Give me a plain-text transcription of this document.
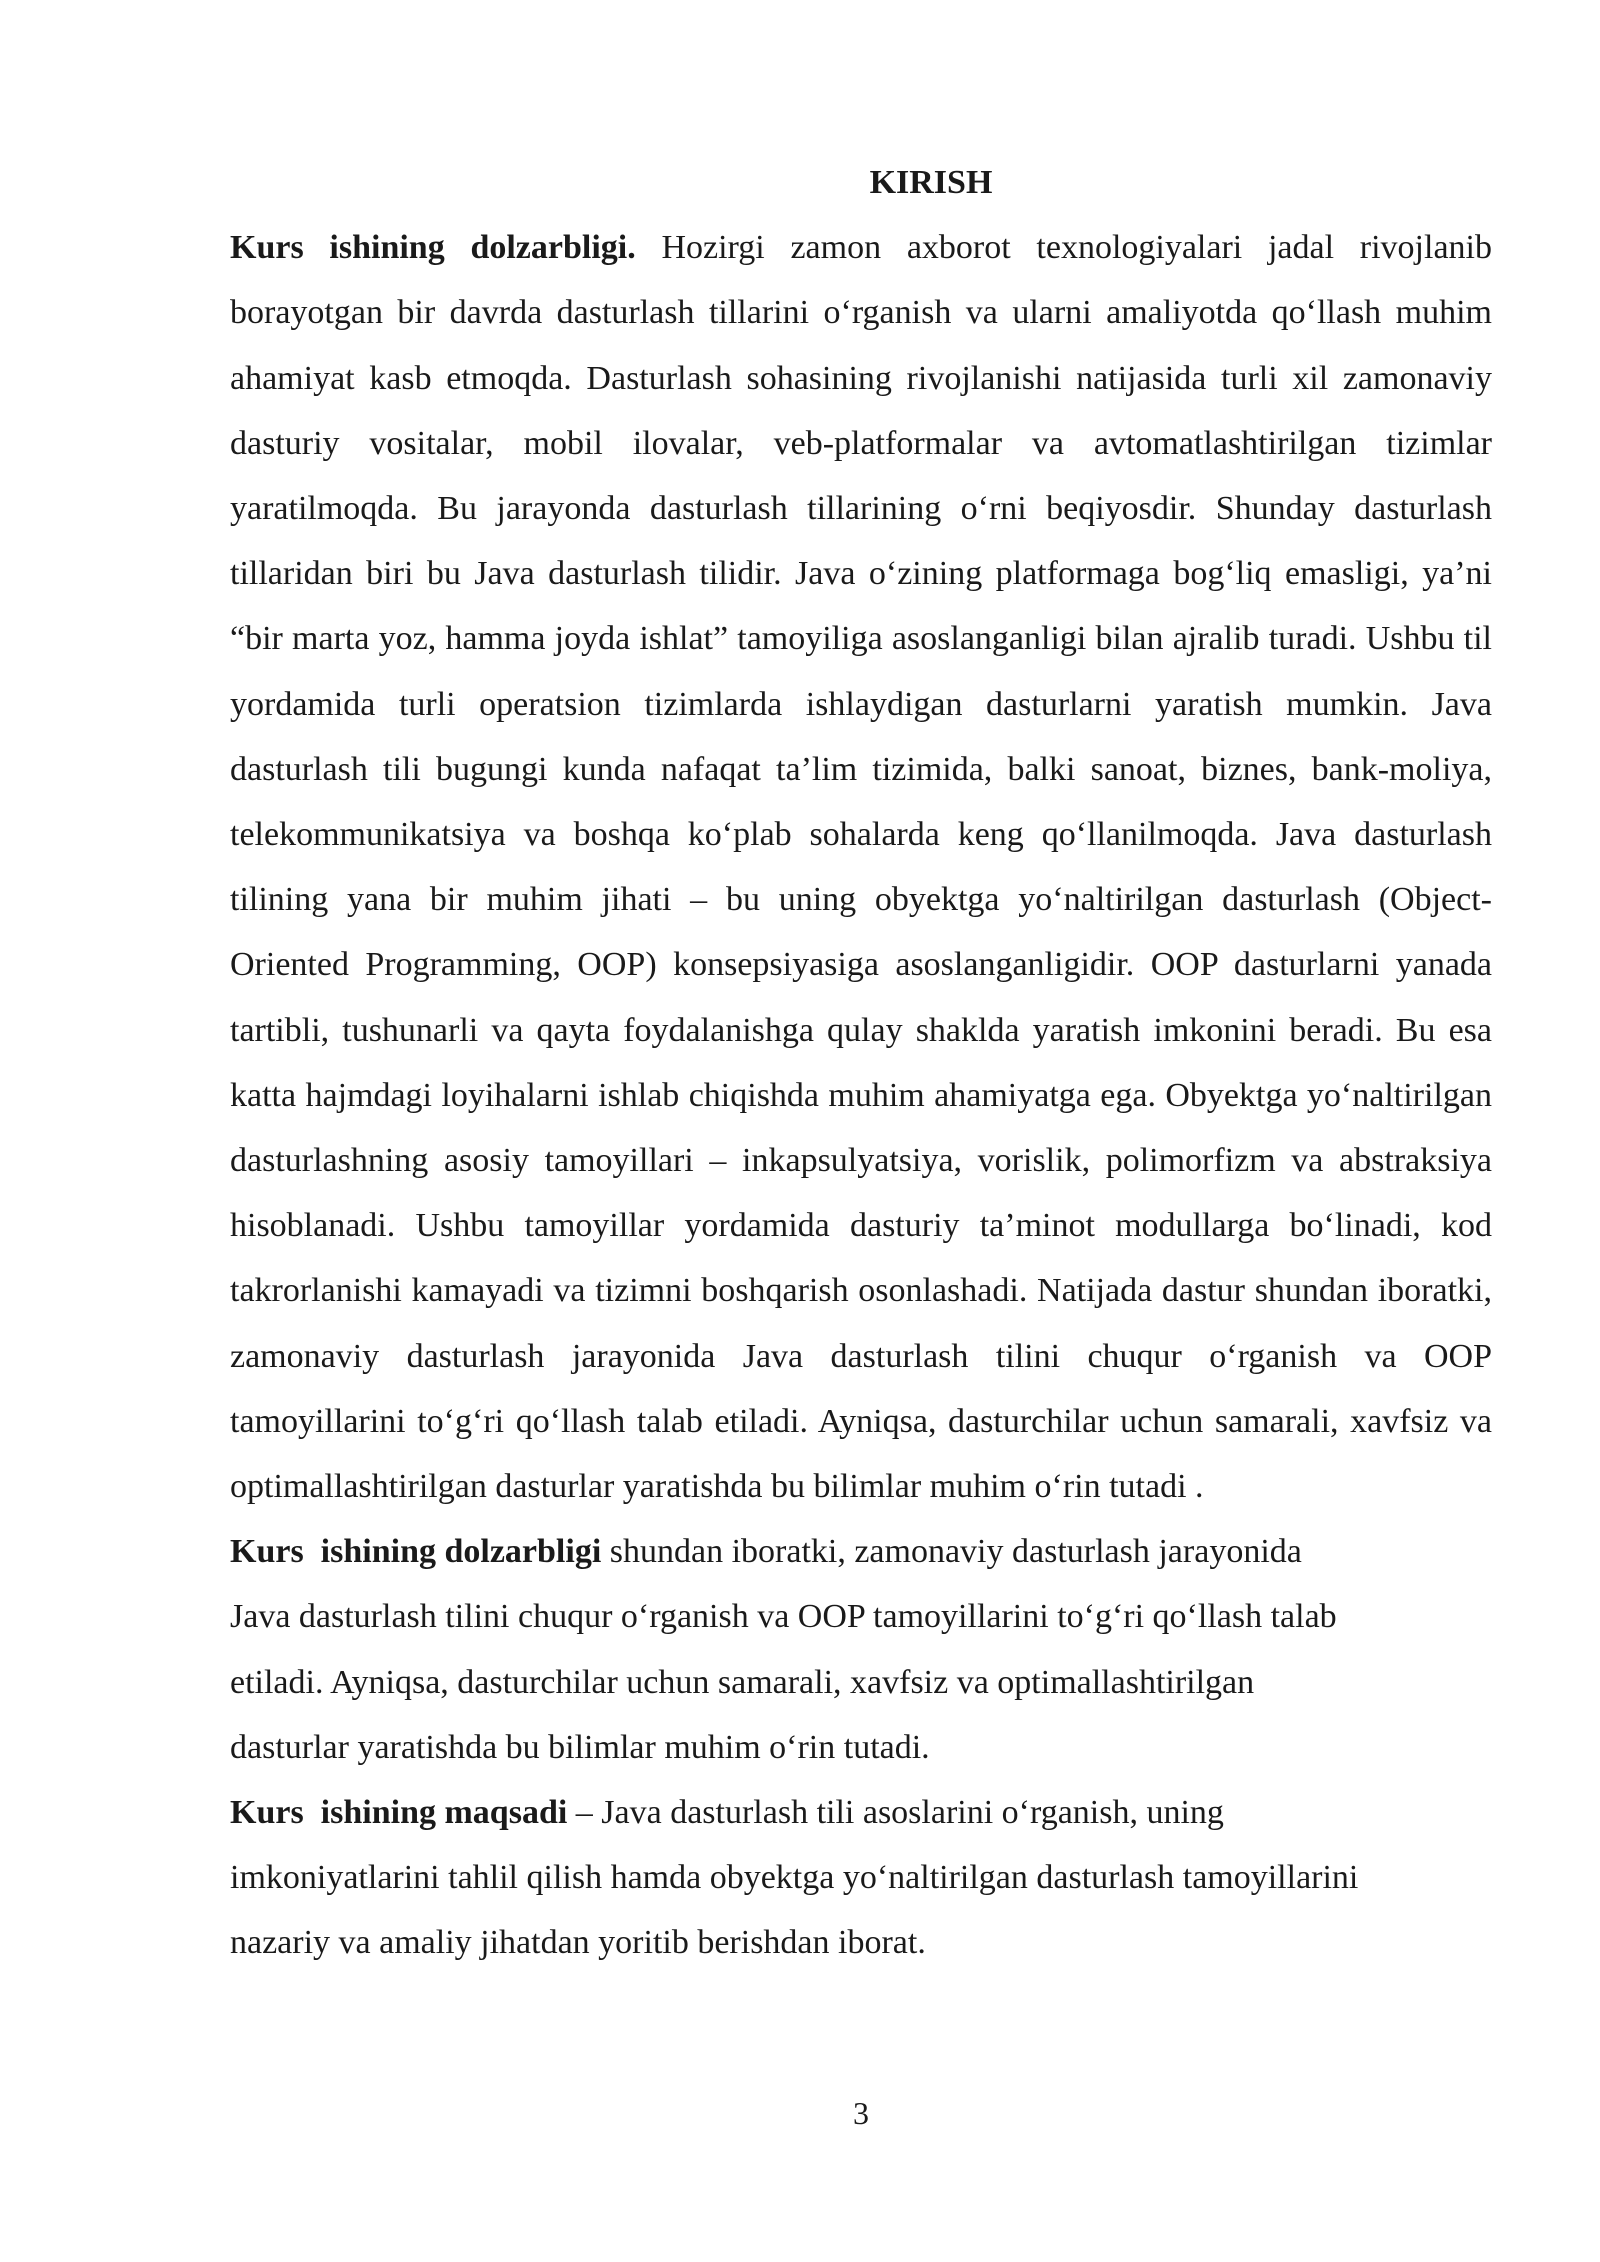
KIRISH

Kurs ishining dolzarbligi. Hozirgi zamon axborot texnologiyalari jadal rivojlanib borayotgan bir davrda dasturlash tillarini o‘rganish va ularni amaliyotda qo‘llash muhim ahamiyat kasb etmoqda. Dasturlash sohasining rivojlanishi natijasida turli xil zamonaviy dasturiy vositalar, mobil ilovalar, veb-platformalar va avtomatlashtirilgan tizimlar yaratilmoqda. Bu jarayonda dasturlash tillarining o‘rni beqiyosdir. Shunday dasturlash tillaridan biri bu Java dasturlash tilidir. Java o‘zining platformaga bog‘liq emasligi, ya’ni “bir marta yoz, hamma joyda ishlat” tamoyiliga asoslanganligi bilan ajralib turadi. Ushbu til yordamida turli operatsion tizimlarda ishlaydigan dasturlarni yaratish mumkin. Java dasturlash tili bugungi kunda nafaqat ta’lim tizimida, balki sanoat, biznes, bank-moliya, telekommunikatsiya va boshqa ko‘plab sohalarda keng qo‘llanilmoqda. Java dasturlash tilining yana bir muhim jihati – bu uning obyektga yo‘naltirilgan dasturlash (Object-Oriented Programming, OOP) konsepsiyasiga asoslanganligidir. OOP dasturlarni yanada tartibli, tushunarli va qayta foydalanishga qulay shaklda yaratish imkonini beradi. Bu esa katta hajmdagi loyihalarni ishlab chiqishda muhim ahamiyatga ega. Obyektga yo‘naltirilgan dasturlashning asosiy tamoyillari – inkapsulyatsiya, vorislik, polimorfizm va abstraksiya hisoblanadi. Ushbu tamoyillar yordamida dasturiy ta’minot modullarga bo‘linadi, kod takrorlanishi kamayadi va tizimni boshqarish osonlashadi. Natijada dastur shundan iboratki, zamonaviy dasturlash jarayonida Java dasturlash tilini chuqur o‘rganish va OOP tamoyillarini to‘g‘ri qo‘llash talab etiladi. Ayniqsa, dasturchilar uchun samarali, xavfsiz va optimallashtirilgan dasturlar yaratishda bu bilimlar muhim o‘rin tutadi .

Kurs  ishining dolzarbligi shundan iboratki, zamonaviy dasturlash jarayonida
Java dasturlash tilini chuqur o‘rganish va OOP tamoyillarini to‘g‘ri qo‘llash talab
etiladi. Ayniqsa, dasturchilar uchun samarali, xavfsiz va optimallashtirilgan
dasturlar yaratishda bu bilimlar muhim o‘rin tutadi.

Kurs  ishining maqsadi – Java dasturlash tili asoslarini o‘rganish, uning
imkoniyatlarini tahlil qilish hamda obyektga yo‘naltirilgan dasturlash tamoyillarini
nazariy va amaliy jihatdan yoritib berishdan iborat.

3
